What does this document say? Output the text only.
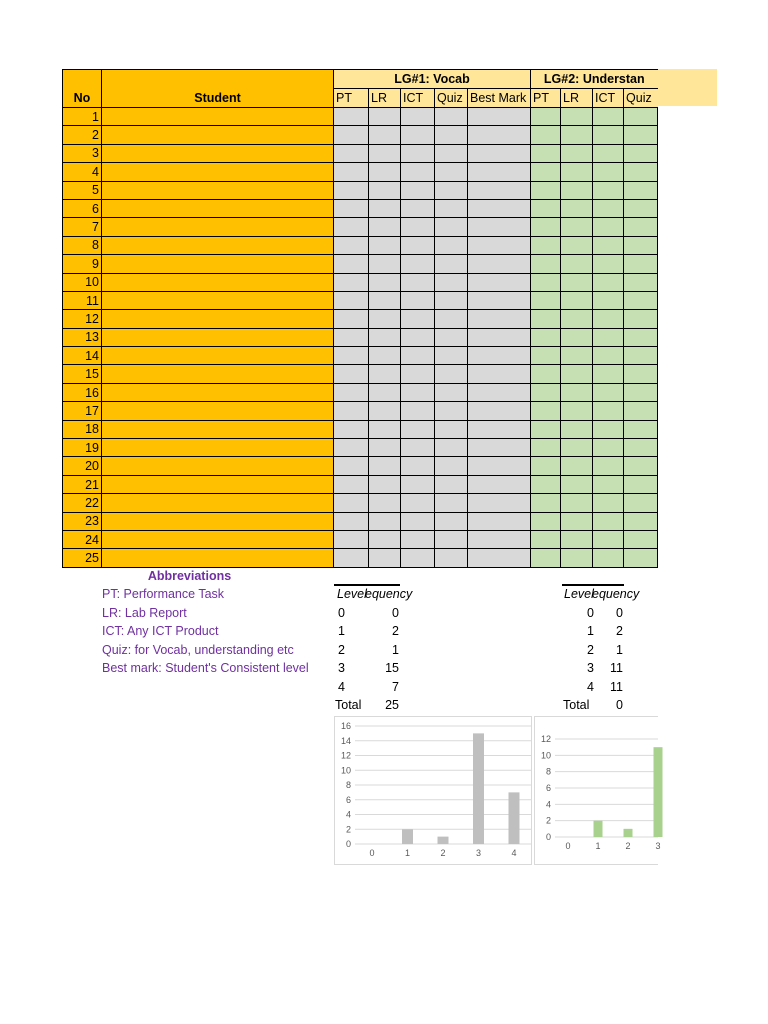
		LG#1: Vocab					LG#2: Understan			
No	Student	PT	LR	ICT	Quiz	Best Mark	PT	LR	ICT	Quiz
1										
2										
3										
4										
5										
6										
7										
8										
9										
10										
11										
12										
13										
14										
15										
16										
17										
18										
19										
20										
21										
22										
23										
24										
25										
Abbreviations
PT: Performance Task
LR: Lab Report
ICT: Any ICT Product
Quiz: for Vocab, understanding etc
Best mark: Student's Consistent level
Level
equency
0	0
1	2
2	1
3	15
4	7
Total	25
Level
equency
0	0
1	2
2	1
3	11
4	11
Total	0
0
2
4
6
8
10
12
14
16
0	1	2	3	4
0
2
4
6
8
10
12
0	1	2	3
